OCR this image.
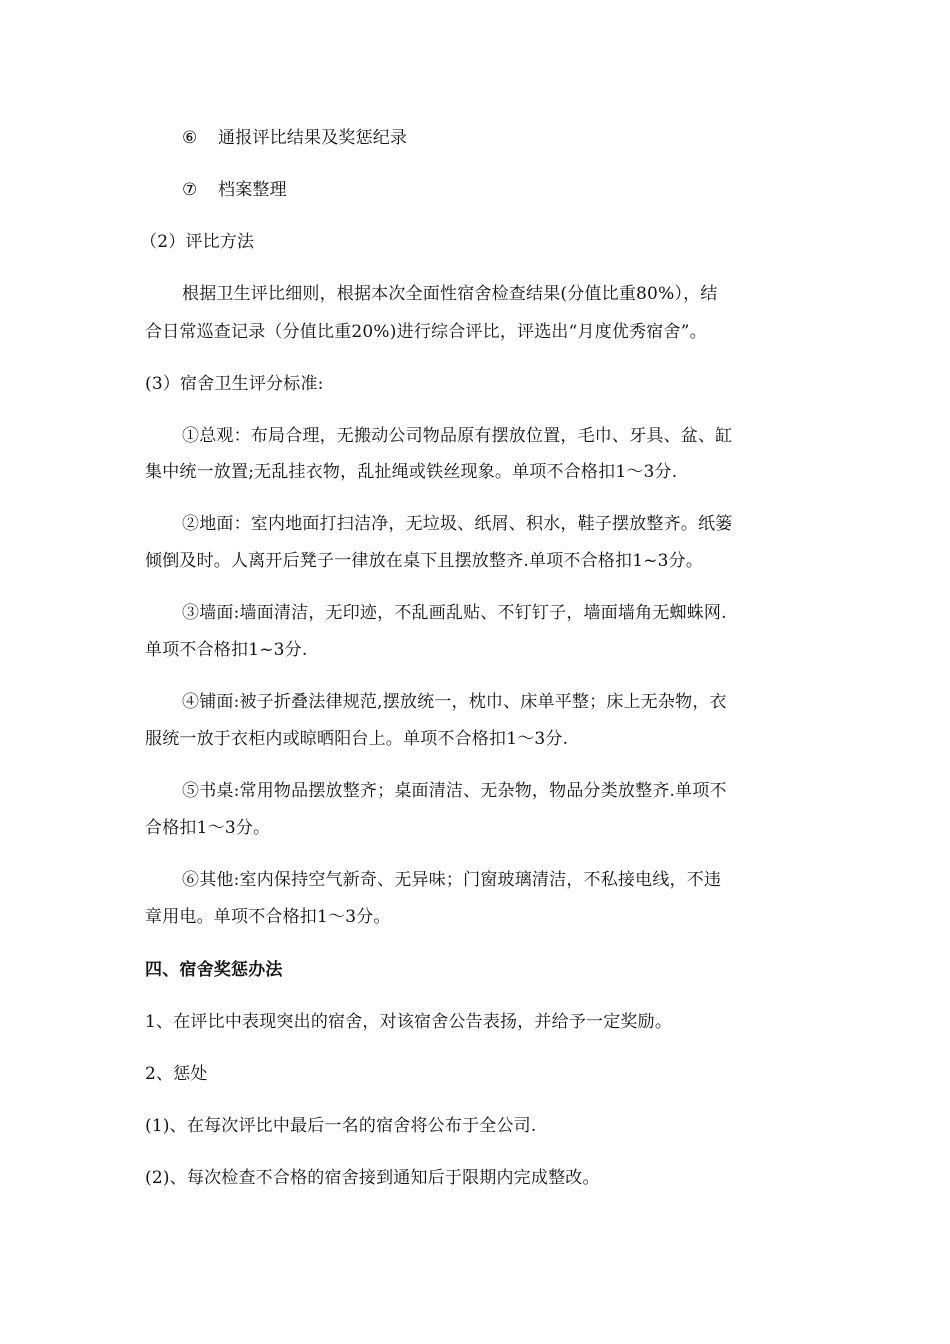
⑥ 通报评比结果及奖惩纪录
⑦ 档案整理
（2）评比方法
根据卫生评比细则，根据本次全面性宿舍检查结果(分值比重80%），结
合日常巡查记录（分值比重20%)进行综合评比，评选出“月度优秀宿舍”。
(3）宿舍卫生评分标准:
①总观：布局合理，无搬动公司物品原有摆放位置，毛巾、牙具、盆、缸
集中统一放置;无乱挂衣物，乱扯绳或铁丝现象。单项不合格扣1～3分.
②地面：室内地面打扫洁净，无垃圾、纸屑、积水，鞋子摆放整齐。纸篓
倾倒及时。人离开后凳子一律放在桌下且摆放整齐.单项不合格扣1~3分。
③墙面:墙面清洁，无印迹，不乱画乱贴、不钉钉子，墙面墙角无蜘蛛网.
单项不合格扣1~3分.
④铺面:被子折叠法律规范,摆放统一，枕巾、床单平整；床上无杂物，衣
服统一放于衣柜内或晾晒阳台上。单项不合格扣1～3分.
⑤书桌:常用物品摆放整齐；桌面清洁、无杂物，物品分类放整齐.单项不
合格扣1～3分。
⑥其他:室内保持空气新奇、无异味；门窗玻璃清洁，不私接电线，不违
章用电。单项不合格扣1～3分。
四、宿舍奖惩办法
1、在评比中表现突出的宿舍，对该宿舍公告表扬，并给予一定奖励。
2、惩处
(1)、在每次评比中最后一名的宿舍将公布于全公司.
(2)、每次检查不合格的宿舍接到通知后于限期内完成整改。
